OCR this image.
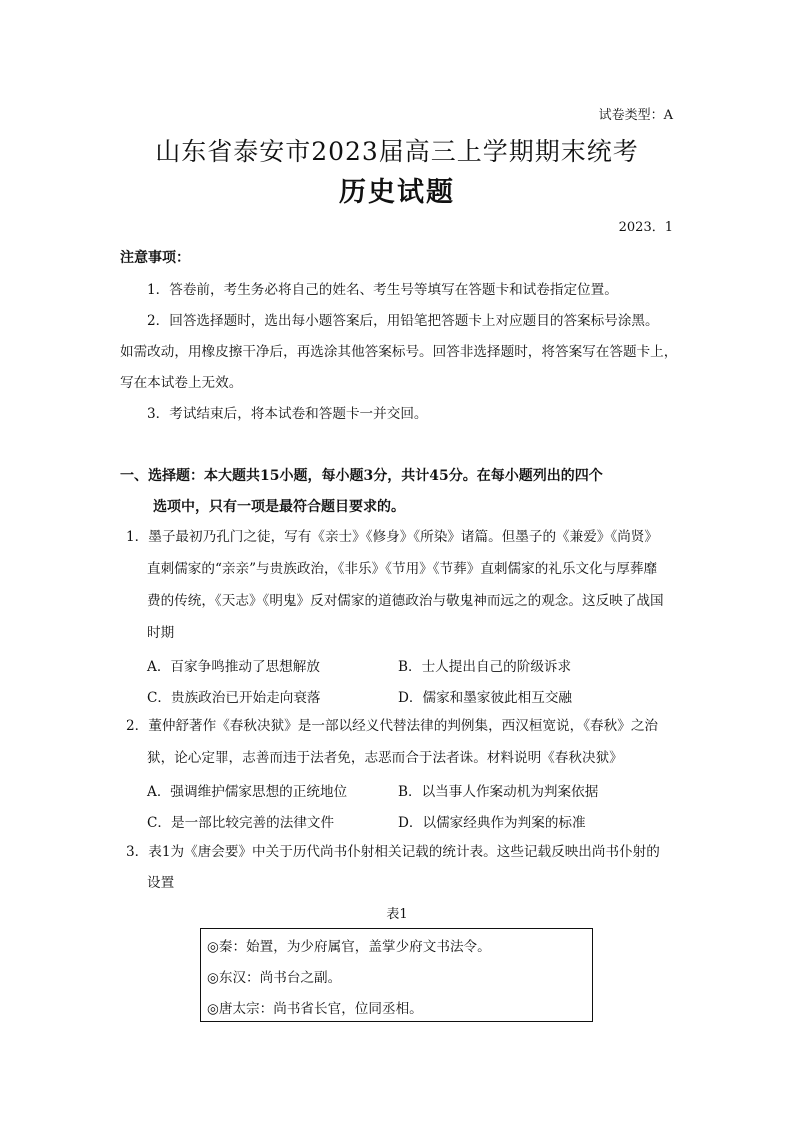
试卷类型：A
山东省泰安市2023届高三上学期期末统考
历史试题
2023．1
注意事项：
1．答卷前，考生务必将自己的姓名、考生号等填写在答题卡和试卷指定位置。
2．回答选择题时，选出每小题答案后，用铅笔把答题卡上对应题目的答案标号涂黑。
如需改动，用橡皮擦干净后，再选涂其他答案标号。回答非选择题时，将答案写在答题卡上，
写在本试卷上无效。
3．考试结束后，将本试卷和答题卡一并交回。
一、选择题：本大题共15小题，每小题3分，共计45分。在每小题列出的四个
选项中，只有一项是最符合题目要求的。
1．墨子最初乃孔门之徒，写有《亲士》《修身》《所染》诸篇。但墨子的《兼爱》《尚贤》
直刺儒家的“亲亲”与贵族政治，《非乐》《节用》《节葬》直刺儒家的礼乐文化与厚葬靡
费的传统，《天志》《明鬼》反对儒家的道德政治与敬鬼神而远之的观念。这反映了战国
时期
A．百家争鸣推动了思想解放	B．士人提出自己的阶级诉求
C．贵族政治已开始走向衰落	D．儒家和墨家彼此相互交融
2．董仲舒著作《春秋决狱》是一部以经义代替法律的判例集，西汉桓宽说，《春秋》之治
狱，论心定罪，志善而违于法者免，志恶而合于法者诛。材料说明《春秋决狱》
A．强调维护儒家思想的正统地位	B．以当事人作案动机为判案依据
C．是一部比较完善的法律文件	D．以儒家经典作为判案的标准
3．表1为《唐会要》中关于历代尚书仆射相关记载的统计表。这些记载反映出尚书仆射的
设置
表1
◎秦：始置，为少府属官，盖掌少府文书法令。
◎东汉：尚书台之副。
◎唐太宗：尚书省长官，位同丞相。
